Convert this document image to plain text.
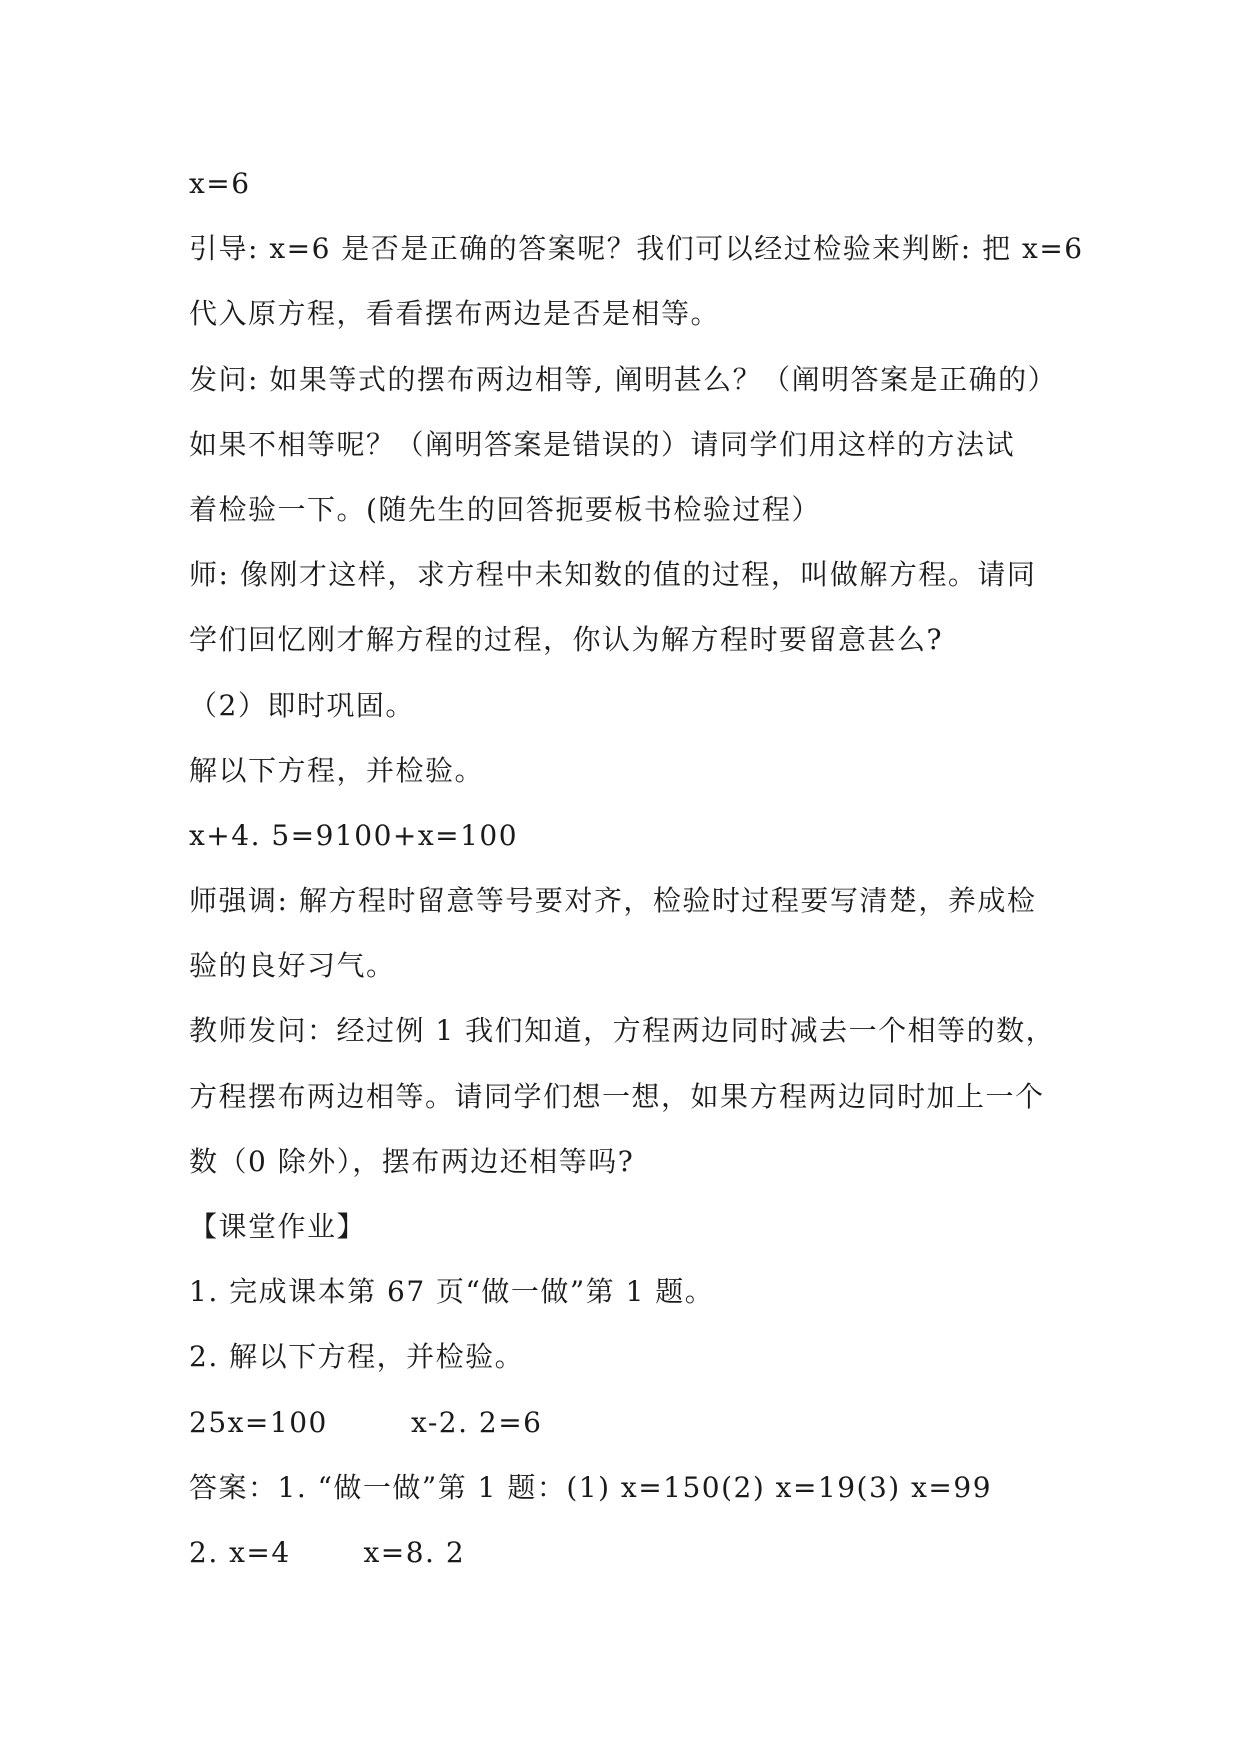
x=6
引导: x=6 是否是正确的答案呢？我们可以经过检验来判断: 把 x=6
代入原方程，看看摆布两边是否是相等。
发问: 如果等式的摆布两边相等, 阐明甚么？（阐明答案是正确的）
如果不相等呢？（阐明答案是错误的）请同学们用这样的方法试
着检验一下。(随先生的回答扼要板书检验过程）
师: 像刚才这样，求方程中未知数的值的过程，叫做解方程。请同
学们回忆刚才解方程的过程，你认为解方程时要留意甚么?
（2）即时巩固。
解以下方程，并检验。
x+4. 5=9100+x=100
师强调: 解方程时留意等号要对齐，检验时过程要写清楚，养成检
验的良好习气。
教师发问：经过例 1 我们知道，方程两边同时减去一个相等的数，
方程摆布两边相等。请同学们想一想，如果方程两边同时加上一个
数（0 除外），摆布两边还相等吗?
【课堂作业】
1. 完成课本第 67 页“做一做”第 1 题。
2. 解以下方程，并检验。
25x=100        x-2. 2=6
答案：1. “做一做”第 1 题：(1) x=150(2) x=19(3) x=99
2. x=4       x=8. 2
